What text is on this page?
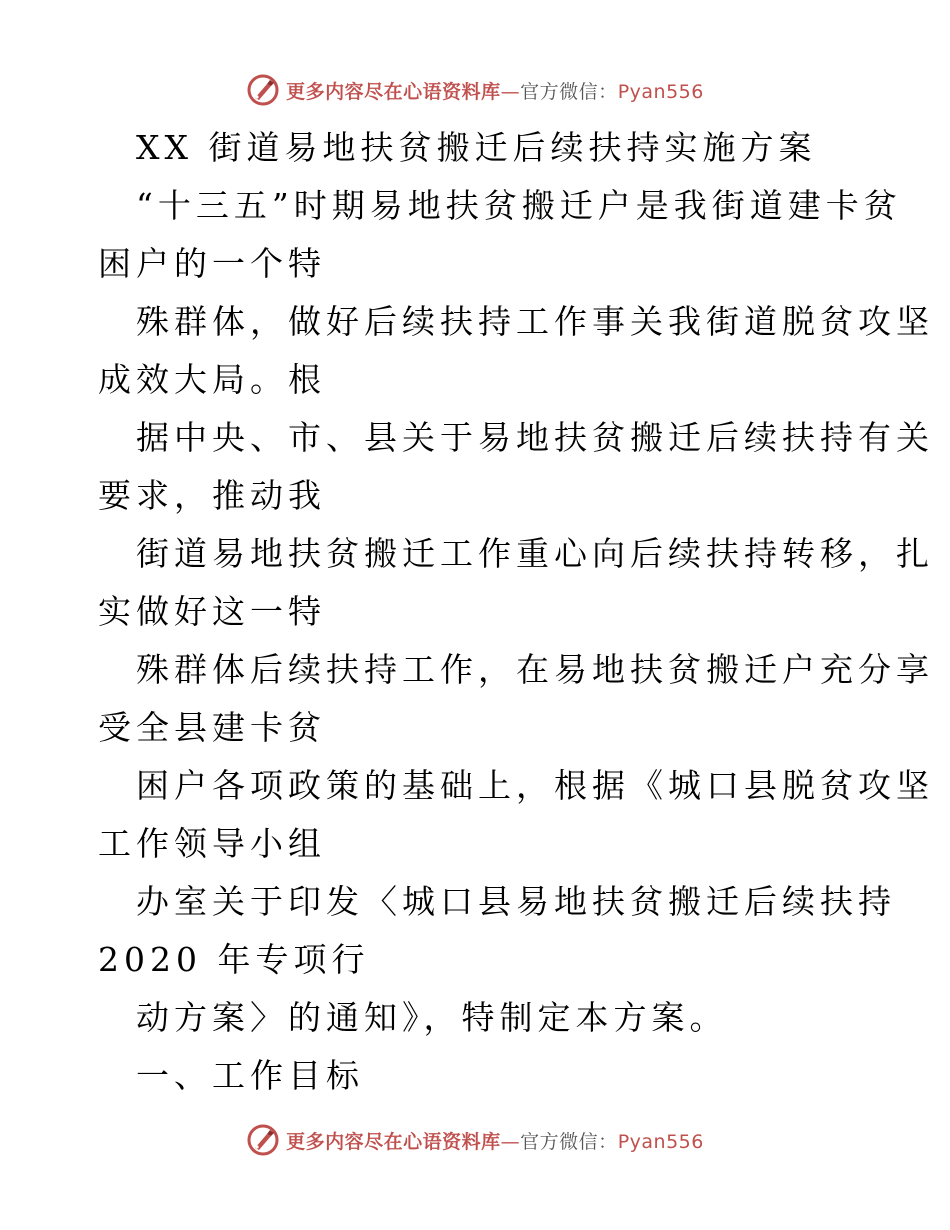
更多内容尽在心语资料库—官方微信：Pyan556
XX 街道易地扶贫搬迁后续扶持实施方案
“十三五”时期易地扶贫搬迁户是我街道建卡贫
困户的一个特
殊群体，做好后续扶持工作事关我街道脱贫攻坚
成效大局。根
据中央、市、县关于易地扶贫搬迁后续扶持有关
要求，推动我
街道易地扶贫搬迁工作重心向后续扶持转移，扎
实做好这一特
殊群体后续扶持工作，在易地扶贫搬迁户充分享
受全县建卡贫
困户各项政策的基础上，根据《城口县脱贫攻坚
工作领导小组
办室关于印发〈城口县易地扶贫搬迁后续扶持
2020 年专项行
动方案〉的通知》，特制定本方案。
一、工作目标
更多内容尽在心语资料库—官方微信：Pyan556
